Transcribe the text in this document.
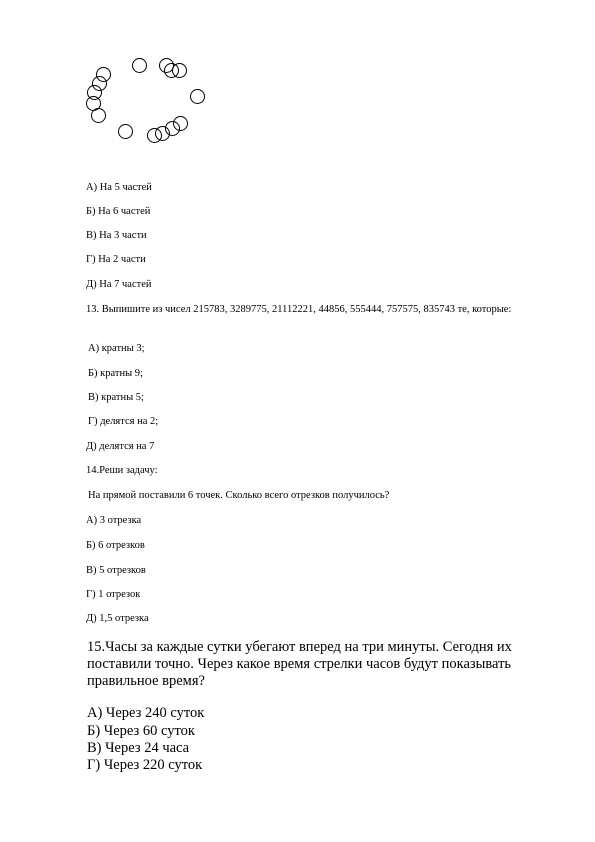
А) На 5 частей
Б) На 6 частей
В) На 3 части
Г) На 2 части
Д) На 7 частей
13. Выпишите из чисел 215783, 3289775, 21112221, 44856, 555444, 757575, 835743 те, которые:
А) кратны 3;
Б) кратны 9;
В) кратны 5;
Г) делятся на 2;
Д) делятся на 7
14.Реши задачу:
На прямой поставили 6 точек. Сколько всего отрезков получилось?
А) 3 отрезка
Б) 6 отрезков
В) 5 отрезков
Г) 1 отрезок
Д) 1,5 отрезка
15.Часы за каждые сутки убегают вперед на три минуты. Сегодня их поставили точно. Через какое время стрелки часов будут показывать правильное время?
А) Через 240 суток
Б) Через 60 суток
В) Через 24 часа
Г) Через 220 суток
